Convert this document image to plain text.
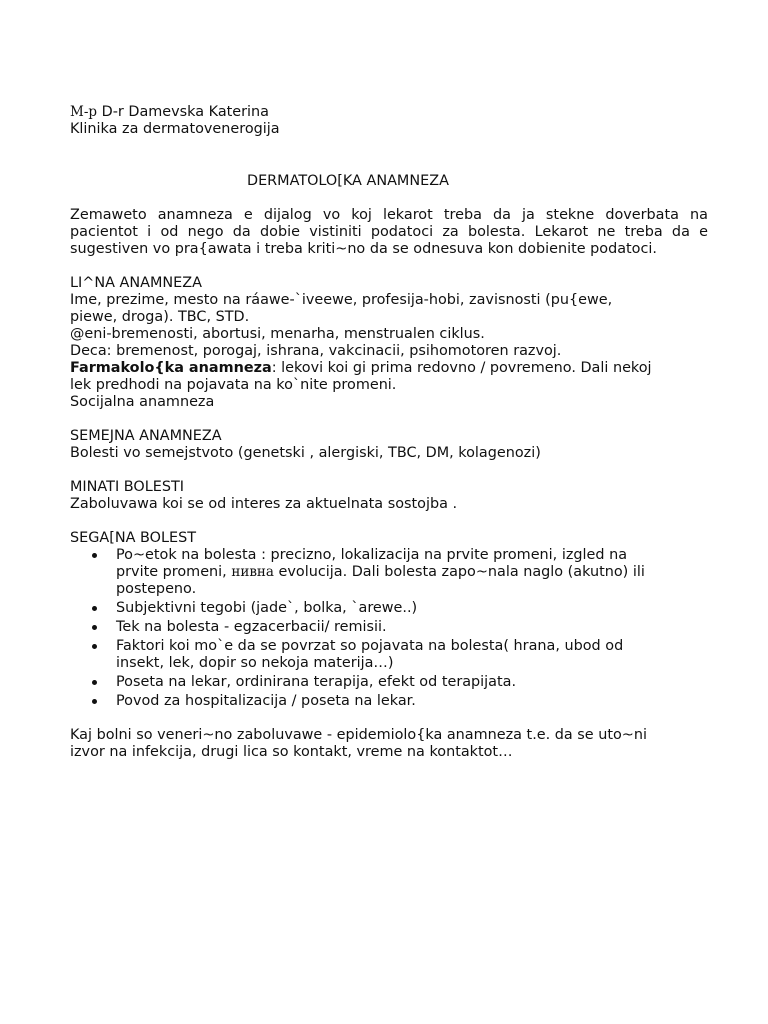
M-р D-r Damevska Katerina
Klinika za dermatovenerogija
DERMATOLO[KA ANAMNEZA
Zemaweto anamneza e dijalog vo koj lekarot treba da ja stekne doverbata na
pacientot i od nego da dobie vistiniti podatoci za bolesta. Lekarot ne treba da e
sugestiven vo pra{awata i treba kriti~no da se odnesuva kon dobienite podatoci.
LI^NA ANAMNEZA
Ime, prezime, mesto na ráawe-`iveewe, profesija-hobi, zavisnosti (pu{ewe,
piewe, droga). TBC, STD.
@eni-bremenosti, abortusi, menarha, menstrualen ciklus.
Deca: bremenost, porogaj, ishrana, vakcinacii, psihomotoren razvoj.
Farmakolo{ka anamneza: lekovi koi gi prima redovno / povremeno. Dali nekoj
lek predhodi na pojavata na ko`nite promeni.
Socijalna anamneza
SEMEJNA ANAMNEZA
Bolesti vo semejstvoto (genetski , alergiski, TBC, DM, kolagenozi)
MINATI BOLESTI
Zaboluvawa koi se od interes za aktuelnata sostojba .
SEGA[NA BOLEST
Po~etok na bolesta : precizno, lokalizacija na prvite promeni, izgled na
prvite promeni, нивна evolucija. Dali bolesta zapo~nala naglo (akutno) ili
postepeno.
Subjektivni tegobi (jade`, bolka, `arewe..)
Tek na bolesta - egzacerbacii/ remisii.
Faktori koi mo`e da se povrzat so pojavata na bolesta( hrana, ubod od
insekt, lek, dopir so nekoja materija…)
Poseta na lekar, ordinirana terapija, efekt od terapijata.
Povod za hospitalizacija / poseta na lekar.
Kaj bolni so veneri~no zaboluvawe - epidemiolo{ka anamneza t.e. da se uto~ni
izvor na infekcija, drugi lica so kontakt, vreme na kontaktot…
